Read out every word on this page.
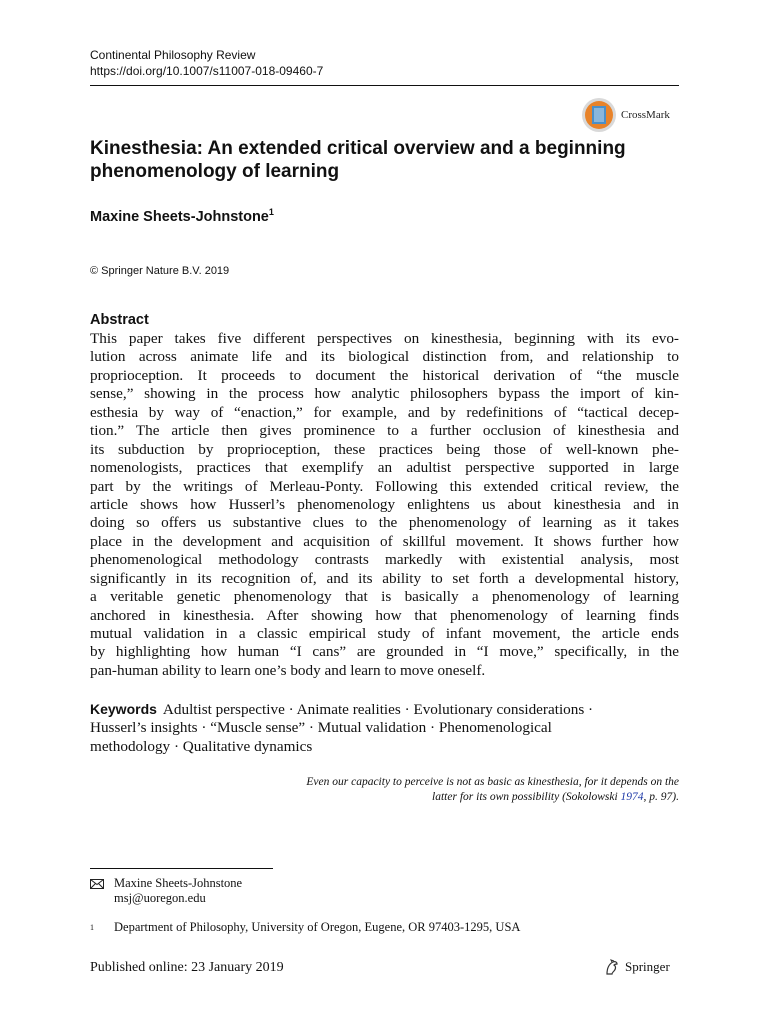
Continental Philosophy Review
https://doi.org/10.1007/s11007-018-09460-7
CrossMark
Kinesthesia: An extended critical overview and a beginning
phenomenology of learning
Maxine Sheets-Johnstone$^1$
© Springer Nature B.V. 2019
Abstract
This paper takes five different perspectives on kinesthesia, beginning with its evo-
lution across animate life and its biological distinction from, and relationship to
proprioception. It proceeds to document the historical derivation of “the muscle
sense,” showing in the process how analytic philosophers bypass the import of kin-
esthesia by way of “enaction,” for example, and by redefinitions of “tactical decep-
tion.” The article then gives prominence to a further occlusion of kinesthesia and
its subduction by proprioception, these practices being those of well-known phe-
nomenologists, practices that exemplify an adultist perspective supported in large
part by the writings of Merleau-Ponty. Following this extended critical review, the
article shows how Husserl’s phenomenology enlightens us about kinesthesia and in
doing so offers us substantive clues to the phenomenology of learning as it takes
place in the development and acquisition of skillful movement. It shows further how
phenomenological methodology contrasts markedly with existential analysis, most
significantly in its recognition of, and its ability to set forth a developmental history,
a veritable genetic phenomenology that is basically a phenomenology of learning
anchored in kinesthesia. After showing how that phenomenology of learning finds
mutual validation in a classic empirical study of infant movement, the article ends
by highlighting how human “I cans” are grounded in “I move,” specifically, in the
pan-human ability to learn one’s body and learn to move oneself.
Keywords Adultist perspective · Animate realities · Evolutionary considerations ·
Husserl’s insights · “Muscle sense” · Mutual validation · Phenomenological
methodology · Qualitative dynamics
Even our capacity to perceive is not as basic as kinesthesia, for it depends on the
latter for its own possibility (Sokolowski 1974, p. 97).
Maxine Sheets-Johnstone
msj@uoregon.edu
1	Department of Philosophy, University of Oregon, Eugene, OR 97403-1295, USA
Published online: 23 January 2019	Springer
